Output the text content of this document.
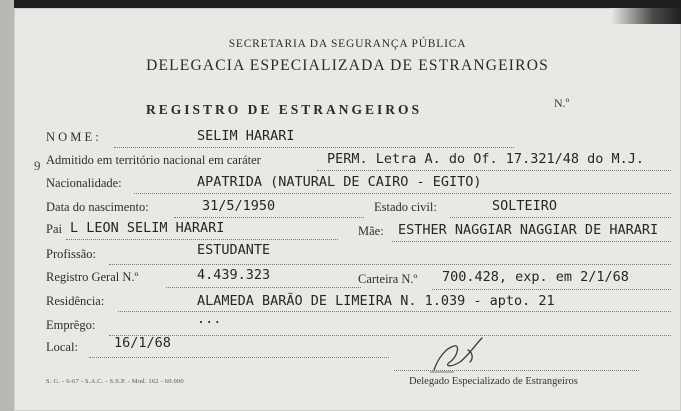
SECRETARIA DA SEGURANÇA PÚBLICA
DELEGACIA ESPECIALIZADA DE ESTRANGEIROS
REGISTRO DE ESTRANGEIROS	N.º
9
N O M E :	SELIM HARARI
Admitido em território nacional em caráter	PERM. Letra A. do Of. 17.321/48 do M.J.
Nacionalidade:	APATRIDA (NATURAL DE CAIRO - EGITO)
Data do nascimento:	31/5/1950	Estado civil:	SOLTEIRO
Pai L LEON SELIM HARARI	Mãe: ESTHER NAGGIAR NAGGIAR DE HARARI
Profissão:	ESTUDANTE
Registro Geral N.º	4.439.323	Carteira N.º 700.428, exp. em 2/1/68
Residência:	ALAMEDA BARÃO DE LIMEIRA N. 1.039 - apto. 21
Emprêgo:	...
Local:	16/1/68
S. G. - 6-67 - S.A.C. - S.S.P. - Mod. 162 - 60.000	Delegado Especializado de Estrangeiros
